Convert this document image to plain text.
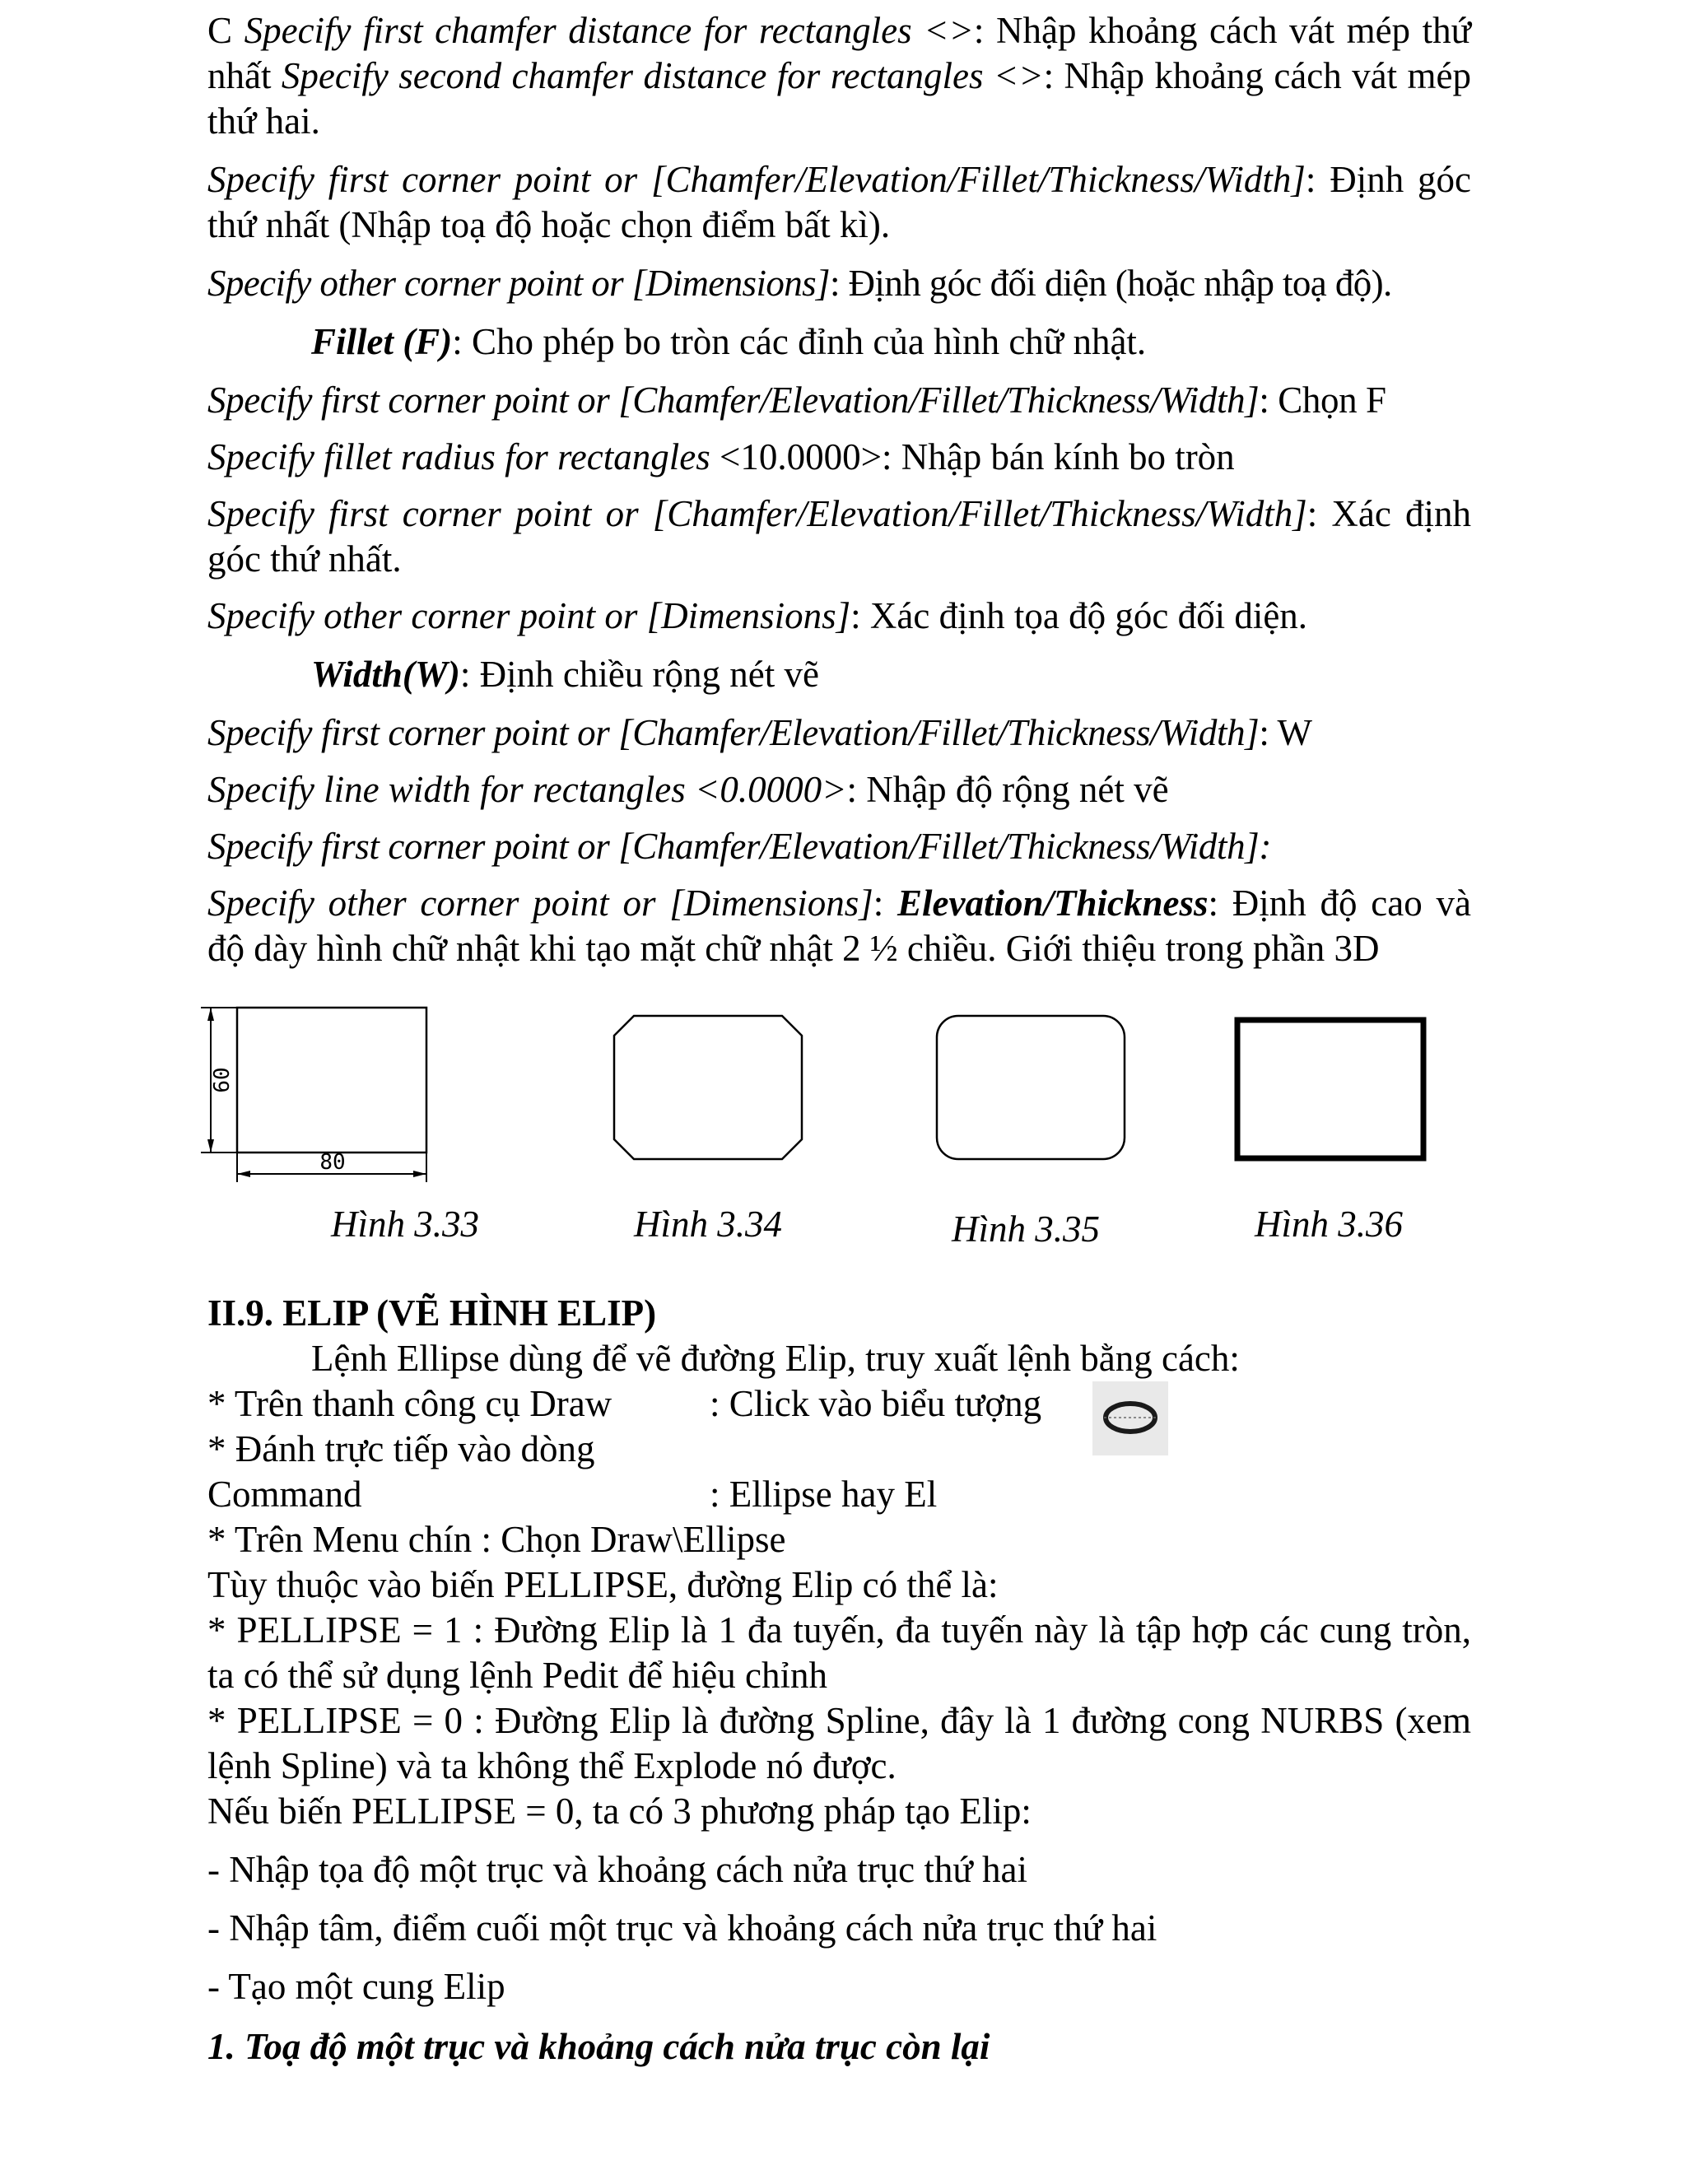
C Specify first chamfer distance for rectangles <>: Nhập khoảng cách vát mép thứ nhất Specify second chamfer distance for rectangles <>: Nhập khoảng cách vát mép thứ hai.

Specify first corner point or [Chamfer/Elevation/Fillet/Thickness/Width]: Định góc thứ nhất (Nhập toạ độ hoặc chọn điểm bất kì).

Specify other corner point or [Dimensions]: Định góc đối diện (hoặc nhập toạ độ).

Fillet (F): Cho phép bo tròn các đỉnh của hình chữ nhật.

Specify first corner point or [Chamfer/Elevation/Fillet/Thickness/Width]: Chọn F

Specify fillet radius for rectangles <10.0000>: Nhập bán kính bo tròn

Specify first corner point or [Chamfer/Elevation/Fillet/Thickness/Width]: Xác định góc thứ nhất.

Specify other corner point or [Dimensions]: Xác định tọa độ góc đối diện.

Width(W): Định chiều rộng nét vẽ

Specify first corner point or [Chamfer/Elevation/Fillet/Thickness/Width]: W

Specify line width for rectangles <0.0000>: Nhập độ rộng nét vẽ

Specify first corner point or [Chamfer/Elevation/Fillet/Thickness/Width]:

Specify other corner point or [Dimensions]: Elevation/Thickness: Định độ cao và độ dày hình chữ nhật khi tạo mặt chữ nhật 2 ½ chiều. Giới thiệu trong phần 3D

80
60
Hình 3.33	Hình 3.34	Hình 3.35	Hình 3.36

II.9. ELIP (VẼ HÌNH ELIP)

Lệnh Ellipse dùng để vẽ đường Elip, truy xuất lệnh bằng cách:

* Trên thanh công cụ Draw	: Click vào biểu tượng

* Đánh trực tiếp vào dòng Command	: Ellipse hay El

* Trên Menu chín : Chọn Draw\Ellipse

Tùy thuộc vào biến PELLIPSE, đường Elip có thể là:

* PELLIPSE = 1 : Đường Elip là 1 đa tuyến, đa tuyến này là tập hợp các cung tròn, ta có thể sử dụng lệnh Pedit để hiệu chỉnh

* PELLIPSE = 0 : Đường Elip là đường Spline, đây là 1 đường cong NURBS (xem lệnh Spline) và ta không thể Explode nó được.

Nếu biến PELLIPSE = 0, ta có 3 phương pháp tạo Elip:

- Nhập tọa độ một trục và khoảng cách nửa trục thứ hai

- Nhập tâm, điểm cuối một trục và khoảng cách nửa trục thứ hai

- Tạo một cung Elip

1. Toạ độ một trục và khoảng cách nửa trục còn lại
